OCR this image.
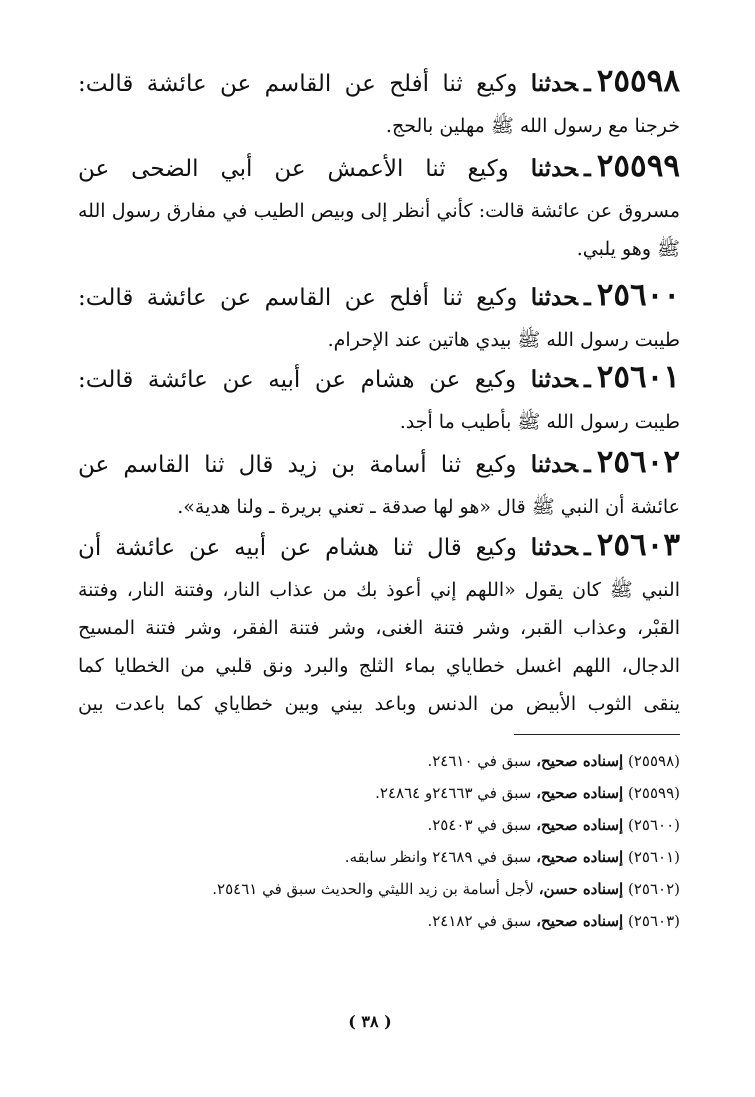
٢٥٥٩٨ـحدثنا وكيع ثنا أفلح عن القاسم عن عائشة قالت:

خرجنا مع رسول الله ﷺ مهلين بالحج.

٢٥٥٩٩ـحدثنا وكيع ثنا الأعمش عن أبي الضحى عن

مسروق عن عائشة قالت: كأني أنظر إلى وبيص الطيب في مفارق رسول الله

ﷺ وهو يلبي.

٢٥٦٠٠ـحدثنا وكيع ثنا أفلح عن القاسم عن عائشة قالت:

طيبت رسول الله ﷺ بيدي هاتين عند الإحرام.

٢٥٦٠١ـحدثنا وكيع عن هشام عن أبيه عن عائشة قالت:

طيبت رسول الله ﷺ بأطيب ما أجد.

٢٥٦٠٢ـحدثنا وكيع ثنا أسامة بن زيد قال ثنا القاسم عن

عائشة أن النبي ﷺ قال «هو لها صدقة ـ تعني بريرة ـ ولنا هدية».

٢٥٦٠٣ـحدثنا وكيع قال ثنا هشام عن أبيه عن عائشة أن

النبي ﷺ كان يقول «اللهم إني أعوذ بك من عذاب النار، وفتنة النار، وفتنة

القبْر، وعذاب القبر، وشر فتنة الغنى، وشر فتنة الفقر، وشر فتنة المسيح

الدجال، اللهم اغسل خطاياي بماء الثلج والبرد ونق قلبي من الخطايا كما

ينقى الثوب الأبيض من الدنس وباعد بيني وبين خطاياي كما باعدت بين

(٢٥٥٩٨) إسناده صحيح، سبق في ٢٤٦١٠.

(٢٥٥٩٩) إسناده صحيح، سبق في ٢٤٦٦٣و ٢٤٨٦٤.

(٢٥٦٠٠) إسناده صحيح، سبق في ٢٥٤٠٣.

(٢٥٦٠١) إسناده صحيح، سبق في ٢٤٦٨٩ وانظر سابقه.

(٢٥٦٠٢) إسناده حسن، لأجل أسامة بن زيد الليثي والحديث سبق في ٢٥٤٦١.

(٢٥٦٠٣) إسناده صحيح، سبق في ٢٤١٨٢.

( ٣٨ )
